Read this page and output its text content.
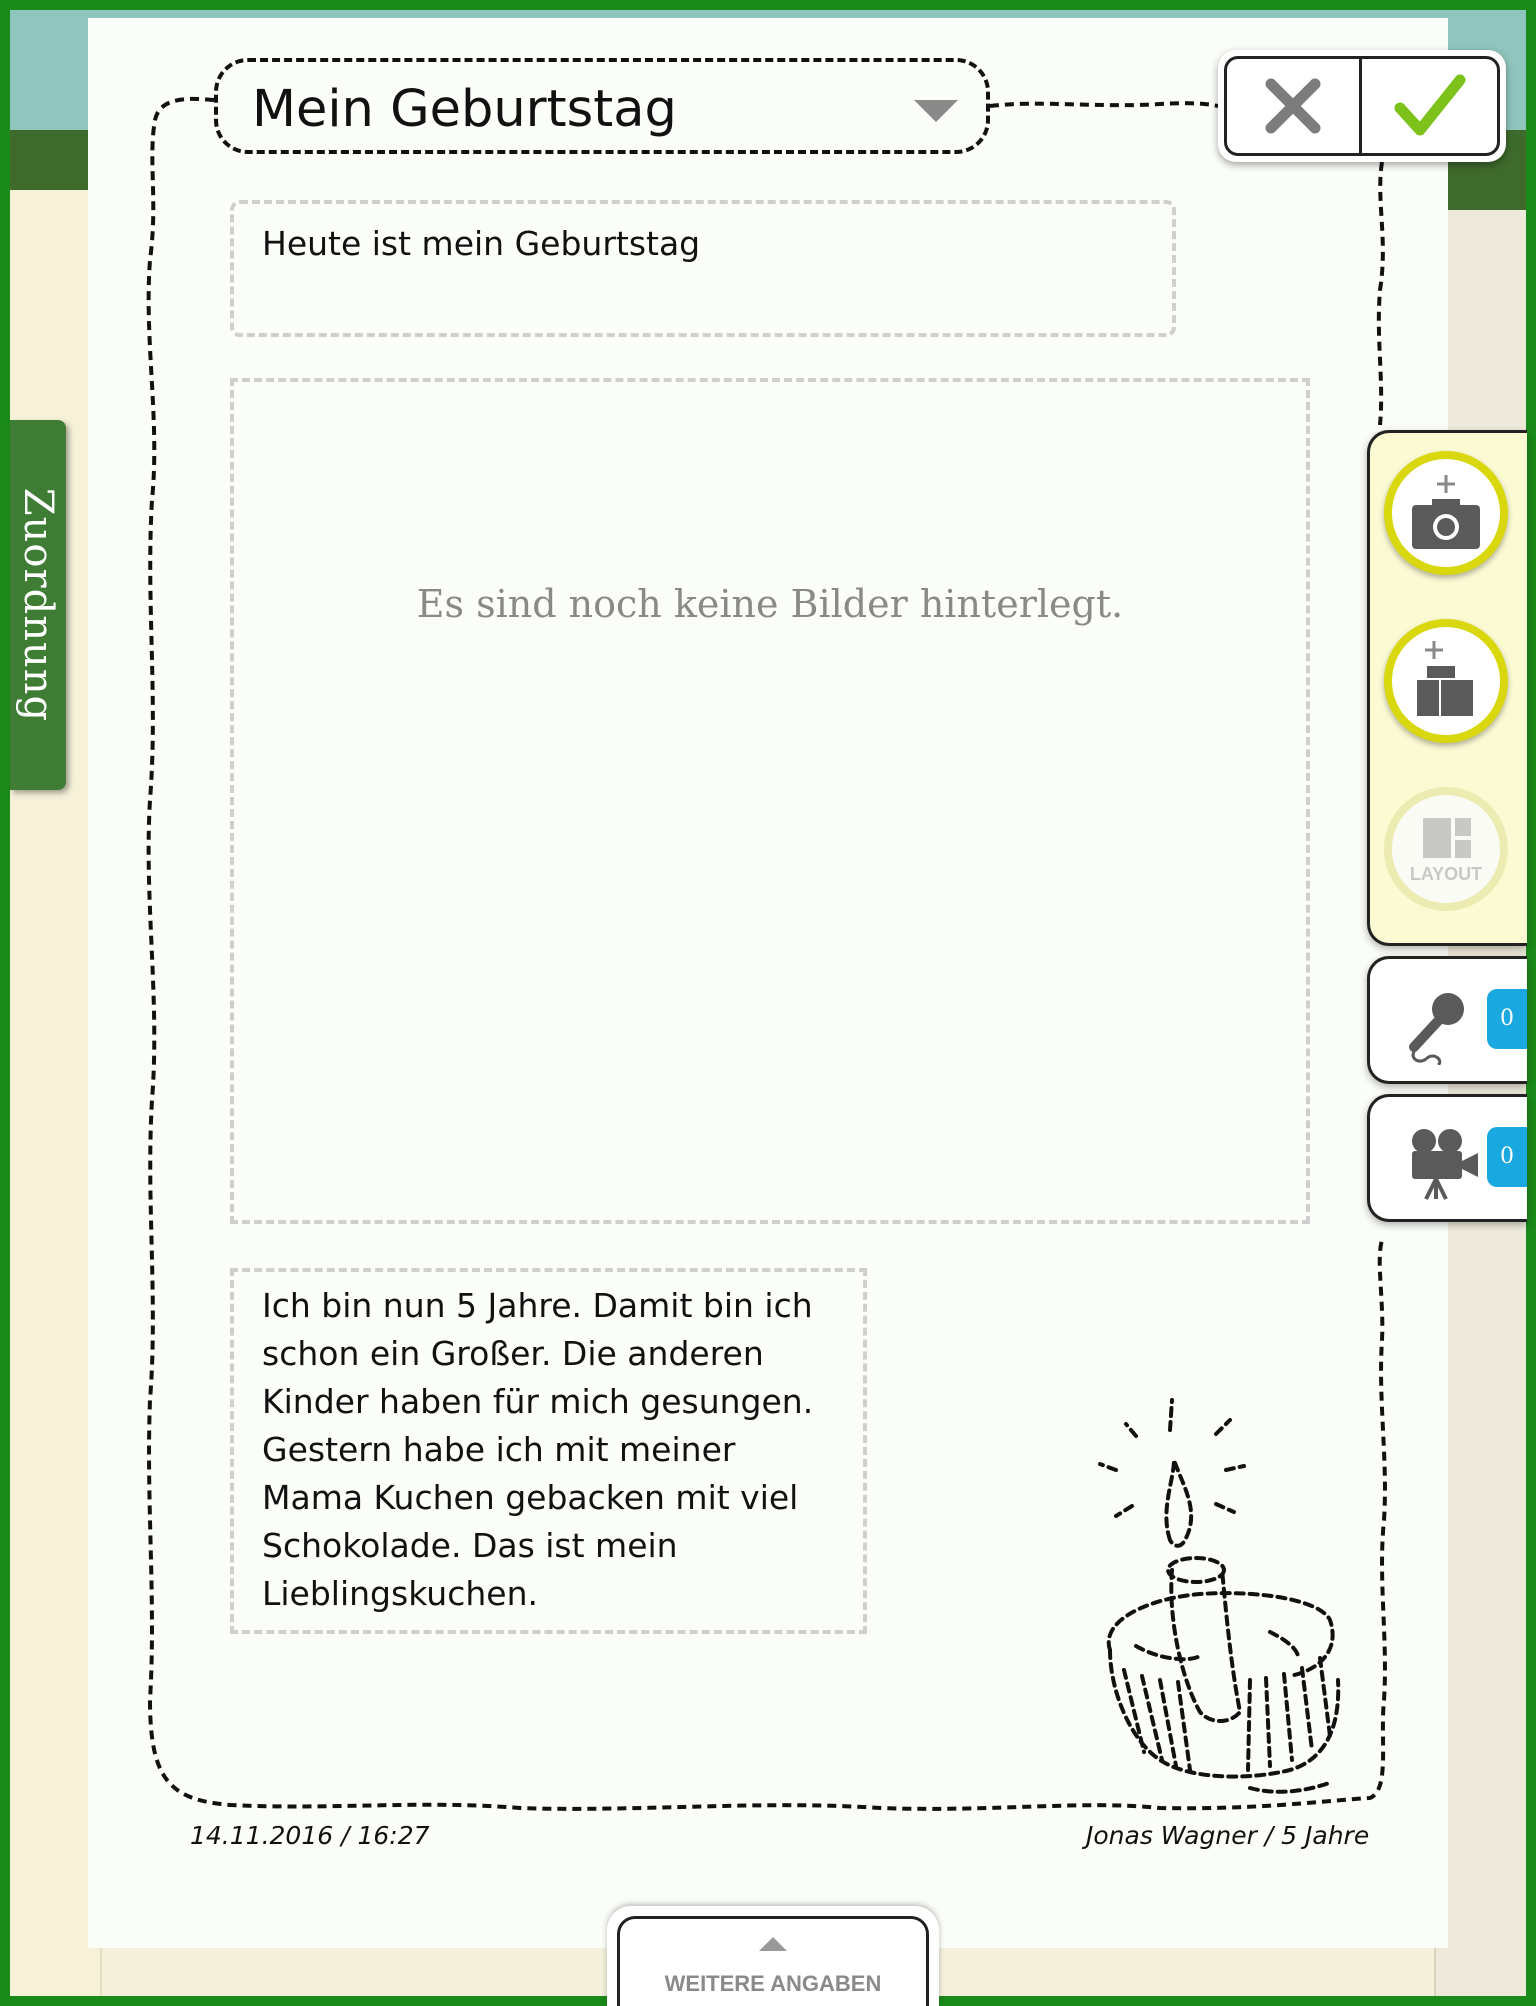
Zuordnung
Mein Geburtstag
Heute ist mein Geburtstag
Es sind noch keine Bilder hinterlegt.

Ich bin nun 5 Jahre. Damit bin ich schon ein Großer. Die anderen Kinder haben für mich gesungen. Gestern habe ich mit meiner Mama Kuchen gebacken mit viel Schokolade. Das ist mein Lieblingskuchen.

14.11.2016 / 16:27	Jonas Wagner / 5 Jahre
WEITERE ANGABEN
LAYOUT
0
0
